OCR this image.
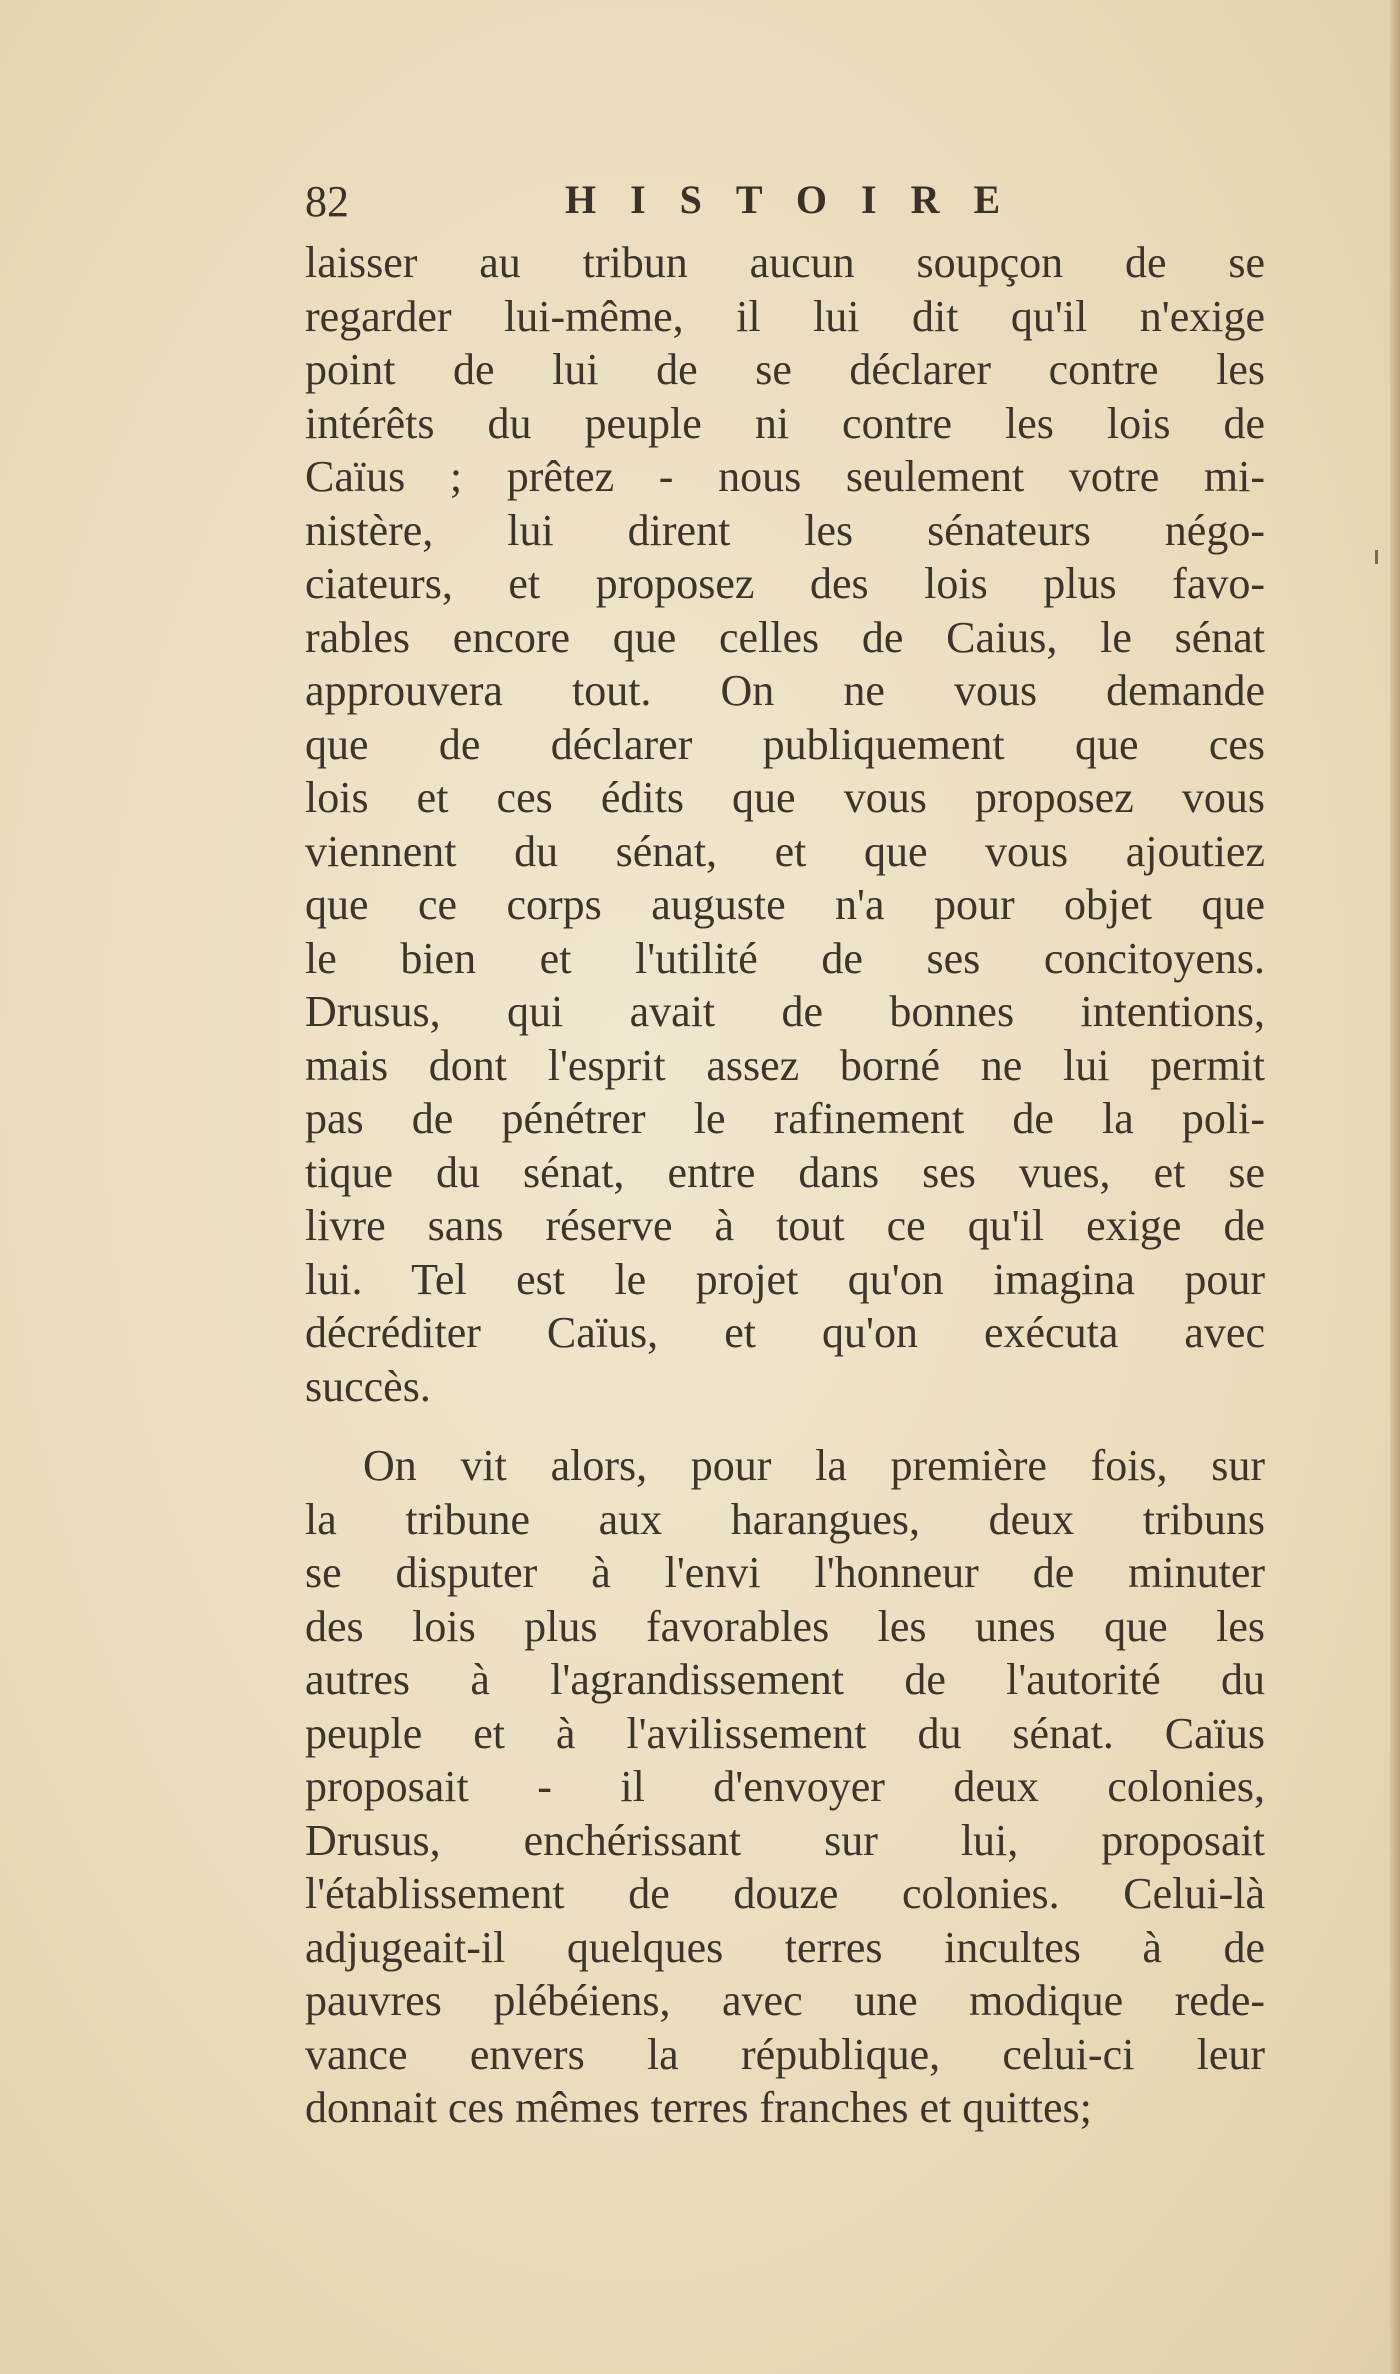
82	HISTOIRE
laisser au tribun aucun soupçon de se
regarder lui-même, il lui dit qu'il n'exige
point de lui de se déclarer contre les
intérêts du peuple ni contre les lois de
Caïus ; prêtez - nous seulement votre mi-
nistère, lui dirent les sénateurs négo-
ciateurs, et proposez des lois plus favo-
rables encore que celles de Caius, le sénat
approuvera tout. On ne vous demande
que de déclarer publiquement que ces
lois et ces édits que vous proposez vous
viennent du sénat, et que vous ajoutiez
que ce corps auguste n'a pour objet que
le bien et l'utilité de ses concitoyens.
Drusus, qui avait de bonnes intentions,
mais dont l'esprit assez borné ne lui permit
pas de pénétrer le rafinement de la poli-
tique du sénat, entre dans ses vues, et se
livre sans réserve à tout ce qu'il exige de
lui. Tel est le projet qu'on imagina pour
décréditer Caïus, et qu'on exécuta avec
succès.
On vit alors, pour la première fois, sur
la tribune aux harangues, deux tribuns
se disputer à l'envi l'honneur de minuter
des lois plus favorables les unes que les
autres à l'agrandissement de l'autorité du
peuple et à l'avilissement du sénat. Caïus
proposait - il d'envoyer deux colonies,
Drusus, enchérissant sur lui, proposait
l'établissement de douze colonies. Celui-là
adjugeait-il quelques terres incultes à de
pauvres plébéiens, avec une modique rede-
vance envers la république, celui-ci leur
donnait ces mêmes terres franches et quittes;
